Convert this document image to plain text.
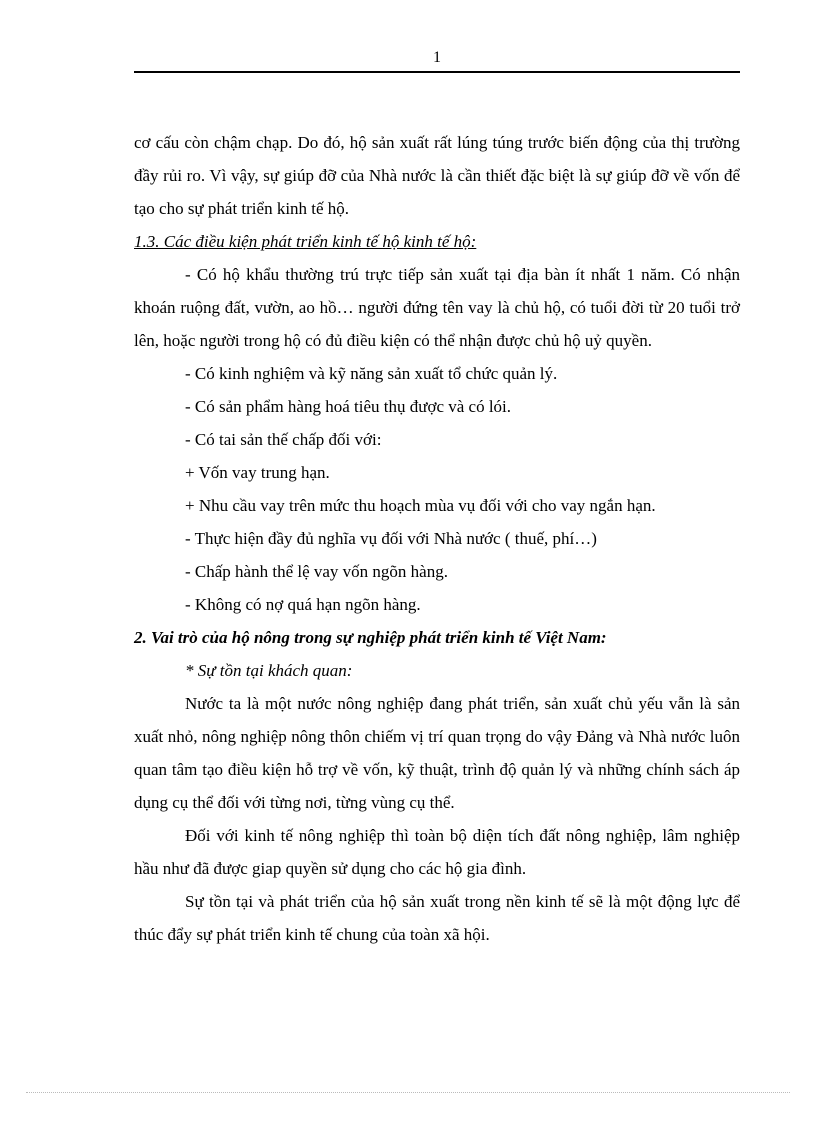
1

cơ cấu còn chậm chạp. Do đó, hộ sản xuất rất lúng túng trước biến động của thị trường đầy rủi ro. Vì vậy, sự giúp đỡ của Nhà nước là cần thiết đặc biệt là sự giúp đỡ về vốn để tạo cho sự phát triển kinh tế hộ.

1.3. Các điều kiện phát triển kinh tế hộ kinh tế hộ:

- Có hộ khẩu thường trú trực tiếp sản xuất tại địa bàn ít nhất 1 năm. Có nhận khoán ruộng đất, vườn, ao hồ… người đứng tên vay là chủ hộ, có tuổi đời từ 20 tuổi trở lên, hoặc người trong hộ có đủ điều kiện có thể nhận được chủ hộ uỷ quyền.

- Có kinh nghiệm và kỹ năng sản xuất tổ chức quản lý.

- Có sản phẩm hàng hoá tiêu thụ được và có lói.

- Có tai sản thế chấp đối với:

+ Vốn vay trung hạn.

+ Nhu cầu vay trên mức thu hoạch mùa vụ đối với cho vay ngắn hạn.

- Thực hiện đầy đủ nghĩa vụ đối với Nhà nước ( thuế, phí…)

- Chấp hành thể lệ vay vốn ngõn hàng.

- Không có nợ quá hạn ngõn hàng.

2. Vai trò của hộ nông trong sự nghiệp phát triển kinh tế Việt Nam:

* Sự tồn tại khách quan:

Nước ta là một nước nông nghiệp đang phát triển, sản xuất chủ yếu vẫn là sản xuất nhỏ, nông nghiệp nông thôn chiếm vị trí quan trọng do vậy Đảng và Nhà nước luôn quan tâm tạo điều kiện hỗ trợ về vốn, kỹ thuật, trình độ quản lý và những chính sách áp dụng cụ thể đối với từng nơi, từng vùng cụ thể.

Đối với kinh tế nông nghiệp thì toàn bộ diện tích đất nông nghiệp, lâm nghiệp hầu như đã được giap quyền sử dụng cho các hộ gia đình.

Sự tồn tại và phát triển của hộ sản xuất trong nền kinh tế sẽ là một động lực để thúc đẩy sự phát triển kinh tế chung của toàn xã hội.
